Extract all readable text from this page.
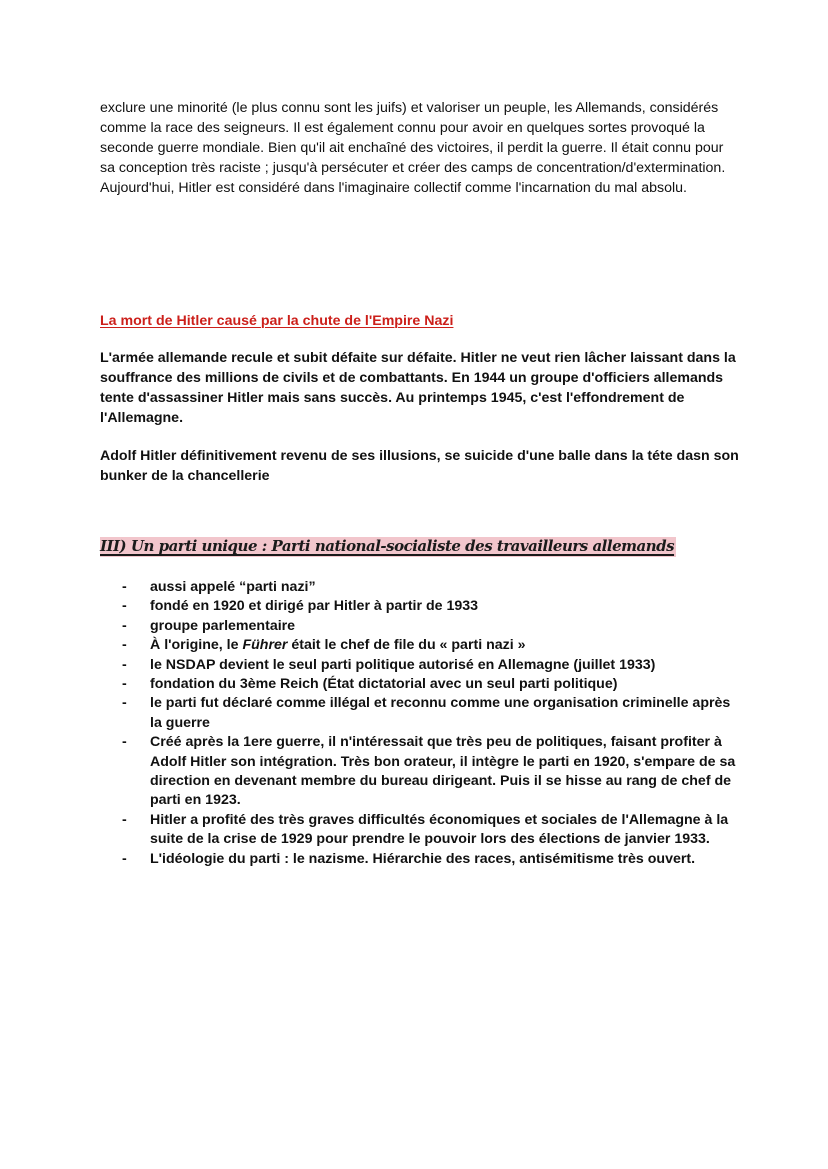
exclure une minorité (le plus connu sont les juifs) et valoriser un peuple, les Allemands, considérés comme la race des seigneurs. Il est également connu pour avoir en quelques sortes provoqué la seconde guerre mondiale. Bien qu'il ait enchaîné des victoires, il perdit la guerre. Il était connu pour sa conception très raciste ; jusqu'à persécuter et créer des camps de concentration/d'extermination. Aujourd'hui, Hitler est considéré dans l'imaginaire collectif comme l'incarnation du mal absolu.

La mort de Hitler causé par la chute de l'Empire Nazi

L'armée allemande recule et subit défaite sur défaite. Hitler ne veut rien lâcher laissant dans la souffrance des millions de civils et de combattants. En 1944 un groupe d'officiers allemands tente d'assassiner Hitler mais sans succès. Au printemps 1945, c'est l'effondrement de l'Allemagne.

Adolf Hitler définitivement revenu de ses illusions, se suicide d'une balle dans la téte dasn son bunker de la chancellerie

III) Un parti unique : Parti national-socialiste des travailleurs allemands
- aussi appelé “parti nazi”
- fondé en 1920 et dirigé par Hitler à partir de 1933
- groupe parlementaire
- À l'origine, le Führer était le chef de file du « parti nazi »
- le NSDAP devient le seul parti politique autorisé en Allemagne (juillet 1933)
- fondation du 3ème Reich (État dictatorial avec un seul parti politique)
- le parti fut déclaré comme illégal et reconnu comme une organisation criminelle après la guerre
- Créé après la 1ere guerre, il n'intéressait que très peu de politiques, faisant profiter à Adolf Hitler son intégration. Très bon orateur, il intègre le parti en 1920, s'empare de sa direction en devenant membre du bureau dirigeant. Puis il se hisse au rang de chef de parti en 1923.
- Hitler a profité des très graves difficultés économiques et sociales de l'Allemagne à la suite de la crise de 1929 pour prendre le pouvoir lors des élections de janvier 1933.
- L'idéologie du parti : le nazisme. Hiérarchie des races, antisémitisme très ouvert.
